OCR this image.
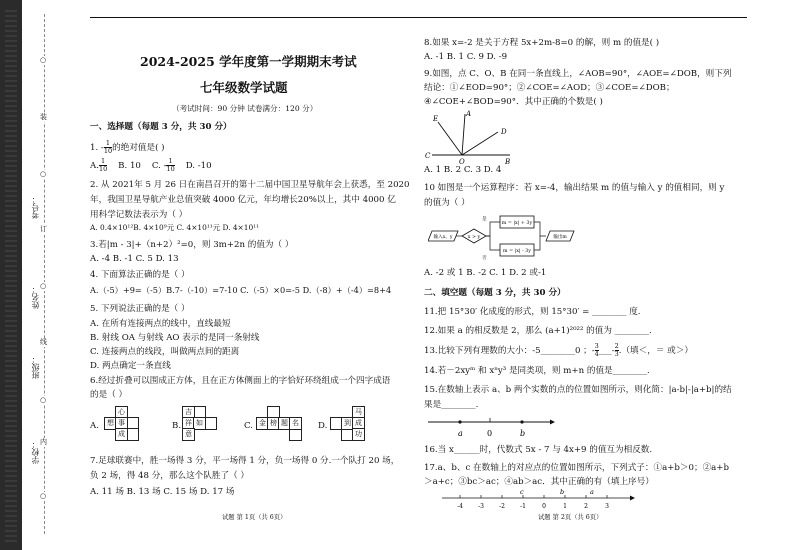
考号：
姓名：
班级：
学校：
○
装
○
订
○
线
○
内
○
2024-2025 学年度第一学期期末考试
七年级数学试题
（考试时间：90 分钟 试卷满分：120 分）
一、选择题（每题 3 分，共 30 分）
1. - $\frac{1}{10}$ 的绝对值是( )
A. $\frac{1}{10} B$. 10 C. - $\frac{1}{10} D$. -10
2. 从 2021年 5 月 26 日在南昌召开的第十二届中国卫星导航年会上获悉，至 2020
年，我国卫星导航产业总值突破 4000 亿元，年均增长20%以上，其中 4000 亿
用科学记数法表示为（ ）
A. 0.4×10¹²B. 4×10⁹元 C. 4×10¹¹元 D. 4×10¹¹
3.若|m - 3|+（n+2）²=0，则 3m+2n 的值为（ ）
A. -4 B. -1 C. 5 D. 13
4. 下面算法正确的是（ ）
A.（-5）+9=（-5）B.7-（-10）=7-10 C.（-5）×0=-5 D.（-8）+（-4）=8+4
5. 下列说法正确的是（ ）
A. 在所有连接两点的线中，直线最短
B. 射线 OA 与射线 AO 表示的是同一条射线
C. 连接两点的线段，叫做两点间的距离
D. 两点确定一条直线
6.经过折叠可以围成正方体，且在正方体侧面上的字恰好环绕组成一个四字成语
的是（ ）
A.	B.	C.	D.
心
想 事
成
吉
祥 如
意
金 榜 题 名
马
到 成
功
7.足球联赛中，胜一场得 3 分，平一场得 1 分，负一场得 0 分.一个队打 20 场，
负 2 场，得 48 分，那么这个队胜了（ ）
A. 11 场 B. 13 场 C. 15 场 D. 17 场
试题 第 1页（共 6页）
8.如果 x=-2 是关于方程 5x+2m-8=0 的解，则 m 的值是( )
A. -1 B. 1 C. 9 D. -9
9.如图，点 C、O、B 在同一条直线上，∠AOB=90°，∠AOE=∠DOB，则下列
结论：①∠EOD=90°；②∠COE=∠AOD；③∠COE=∠DOB；
④∠COE+∠BOD=90°．其中正确的个数是( )
E
A
D
C
O	B
A. 1 B. 2 C. 3 D. 4
10 如图是一个运算程序：若 x=-4，输出结果 m 的值与输入 y 的值相同，则 y
的值为（ ）
输入x、y	x > y
是
否
m = |x| + 3y
m = |x| - 3y
输出m
A. -2 或 1 B. -2 C. 1 D. 2 或-1
二、填空题（每题 3 分，共 30 分）
11.把 15°30′ 化成度的形式，则 15°30′ = ________ 度.
12.如果 a 的相反数是 2，那么 (a+1)²⁰²² 的值为 ________.
13.比较下列有理数的大小：-5________0 ；- $\frac{3}{4}$ ___- $\frac{2}{3}$ .（填＜，＝ 或＞）
14.若－2xyᵐ 和 xⁿy³ 是同类项，则 m+n 的值是________.
15.在数轴上表示 a、b 两个实数的点的位置如图所示，则化简：|a-b|-|a+b|的结
果是________.
a	0	b
16.当 x______时，代数式 5x - 7 与 4x+9 的值互为相反数.
17.a、b、c 在数轴上的对应点的位置如图所示，下列式子：①a+b＞0；②a+b
＞a+c；③bc＞ac；④ab＞ac．其中正确的有（填上序号）
-4	-3	-2	-1	0	1	2	3
c	b	a
试题 第 2页（共 6页）
